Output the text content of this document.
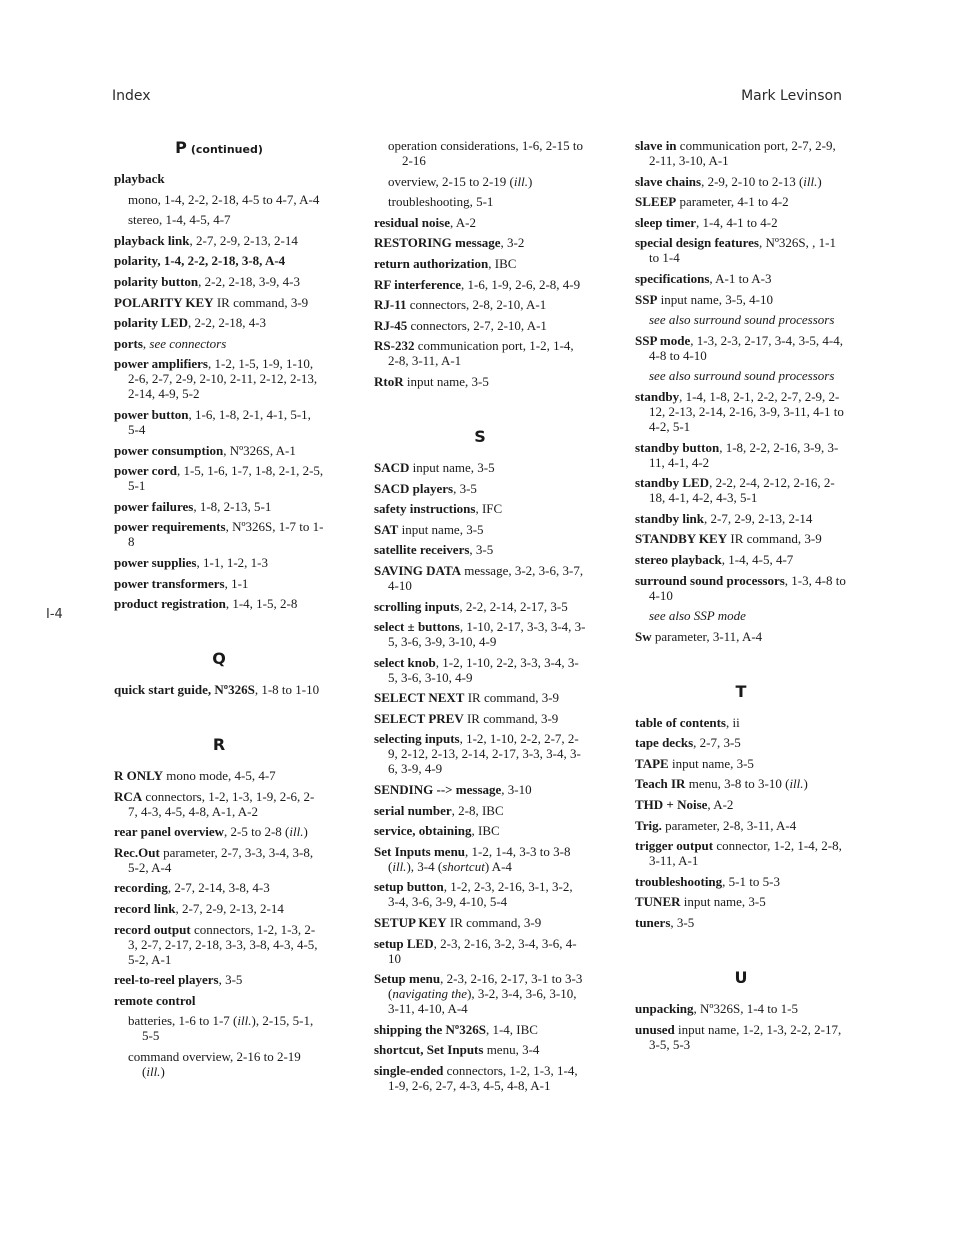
Index	Mark Levinson
I-4
P (continued)
playback
mono, 1-4, 2-2, 2-18, 4-5 to 4-7, A-4
stereo, 1-4, 4-5, 4-7
playback link, 2-7, 2-9, 2-13, 2-14
polarity, 1-4, 2-2, 2-18, 3-8, A-4
polarity button, 2-2, 2-18, 3-9, 4-3
POLARITY KEY IR command, 3-9
polarity LED, 2-2, 2-18, 4-3
ports, see connectors
power amplifiers, 1-2, 1-5, 1-9, 1-10, 2-6, 2-7, 2-9, 2-10, 2-11, 2-12, 2-13, 2-14, 4-9, 5-2
power button, 1-6, 1-8, 2-1, 4-1, 5-1, 5-4
power consumption, Nº326S, A-1
power cord, 1-5, 1-6, 1-7, 1-8, 2-1, 2-5, 5-1
power failures, 1-8, 2-13, 5-1
power requirements, Nº326S, 1-7 to 1-8
power supplies, 1-1, 1-2, 1-3
power transformers, 1-1
product registration, 1-4, 1-5, 2-8
Q
quick start guide, Nº326S, 1-8 to 1-10
R
R ONLY mono mode, 4-5, 4-7
RCA connectors, 1-2, 1-3, 1-9, 2-6, 2-7, 4-3, 4-5, 4-8, A-1, A-2
rear panel overview, 2-5 to 2-8 (ill.)
Rec.Out parameter, 2-7, 3-3, 3-4, 3-8, 5-2, A-4
recording, 2-7, 2-14, 3-8, 4-3
record link, 2-7, 2-9, 2-13, 2-14
record output connectors, 1-2, 1-3, 2-3, 2-7, 2-17, 2-18, 3-3, 3-8, 4-3, 4-5, 5-2, A-1
reel-to-reel players, 3-5
remote control
batteries, 1-6 to 1-7 (ill.), 2-15, 5-1, 5-5
command overview, 2-16 to 2-19 (ill.)
operation considerations, 1-6, 2-15 to 2-16
overview, 2-15 to 2-19 (ill.)
troubleshooting, 5-1
residual noise, A-2
RESTORING message, 3-2
return authorization, IBC
RF interference, 1-6, 1-9, 2-6, 2-8, 4-9
RJ-11 connectors, 2-8, 2-10, A-1
RJ-45 connectors, 2-7, 2-10, A-1
RS-232 communication port, 1-2, 1-4, 2-8, 3-11, A-1
RtoR input name, 3-5
S
SACD input name, 3-5
SACD players, 3-5
safety instructions, IFC
SAT input name, 3-5
satellite receivers, 3-5
SAVING DATA message, 3-2, 3-6, 3-7, 4-10
scrolling inputs, 2-2, 2-14, 2-17, 3-5
select ± buttons, 1-10, 2-17, 3-3, 3-4, 3-5, 3-6, 3-9, 3-10, 4-9
select knob, 1-2, 1-10, 2-2, 3-3, 3-4, 3-5, 3-6, 3-10, 4-9
SELECT NEXT IR command, 3-9
SELECT PREV IR command, 3-9
selecting inputs, 1-2, 1-10, 2-2, 2-7, 2-9, 2-12, 2-13, 2-14, 2-17, 3-3, 3-4, 3-6, 3-9, 4-9
SENDING --> message, 3-10
serial number, 2-8, IBC
service, obtaining, IBC
Set Inputs menu, 1-2, 1-4, 3-3 to 3-8 (ill.), 3-4 (shortcut) A-4
setup button, 1-2, 2-3, 2-16, 3-1, 3-2, 3-4, 3-6, 3-9, 4-10, 5-4
SETUP KEY IR command, 3-9
setup LED, 2-3, 2-16, 3-2, 3-4, 3-6, 4-10
Setup menu, 2-3, 2-16, 2-17, 3-1 to 3-3 (navigating the), 3-2, 3-4, 3-6, 3-10, 3-11, 4-10, A-4
shipping the Nº326S, 1-4, IBC
shortcut, Set Inputs menu, 3-4
single-ended connectors, 1-2, 1-3, 1-4, 1-9, 2-6, 2-7, 4-3, 4-5, 4-8, A-1
slave in communication port, 2-7, 2-9, 2-11, 3-10, A-1
slave chains, 2-9, 2-10 to 2-13 (ill.)
SLEEP parameter, 4-1 to 4-2
sleep timer, 1-4, 4-1 to 4-2
special design features, Nº326S, , 1-1 to 1-4
specifications, A-1 to A-3
SSP input name, 3-5, 4-10
see also surround sound processors
SSP mode, 1-3, 2-3, 2-17, 3-4, 3-5, 4-4, 4-8 to 4-10
see also surround sound processors
standby, 1-4, 1-8, 2-1, 2-2, 2-7, 2-9, 2-12, 2-13, 2-14, 2-16, 3-9, 3-11, 4-1 to 4-2, 5-1
standby button, 1-8, 2-2, 2-16, 3-9, 3-11, 4-1, 4-2
standby LED, 2-2, 2-4, 2-12, 2-16, 2-18, 4-1, 4-2, 4-3, 5-1
standby link, 2-7, 2-9, 2-13, 2-14
STANDBY KEY IR command, 3-9
stereo playback, 1-4, 4-5, 4-7
surround sound processors, 1-3, 4-8 to 4-10
see also SSP mode
Sw parameter, 3-11, A-4
T
table of contents, ii
tape decks, 2-7, 3-5
TAPE input name, 3-5
Teach IR menu, 3-8 to 3-10 (ill.)
THD + Noise, A-2
Trig. parameter, 2-8, 3-11, A-4
trigger output connector, 1-2, 1-4, 2-8, 3-11, A-1
troubleshooting, 5-1 to 5-3
TUNER input name, 3-5
tuners, 3-5
U
unpacking, Nº326S, 1-4 to 1-5
unused input name, 1-2, 1-3, 2-2, 2-17, 3-5, 5-3
